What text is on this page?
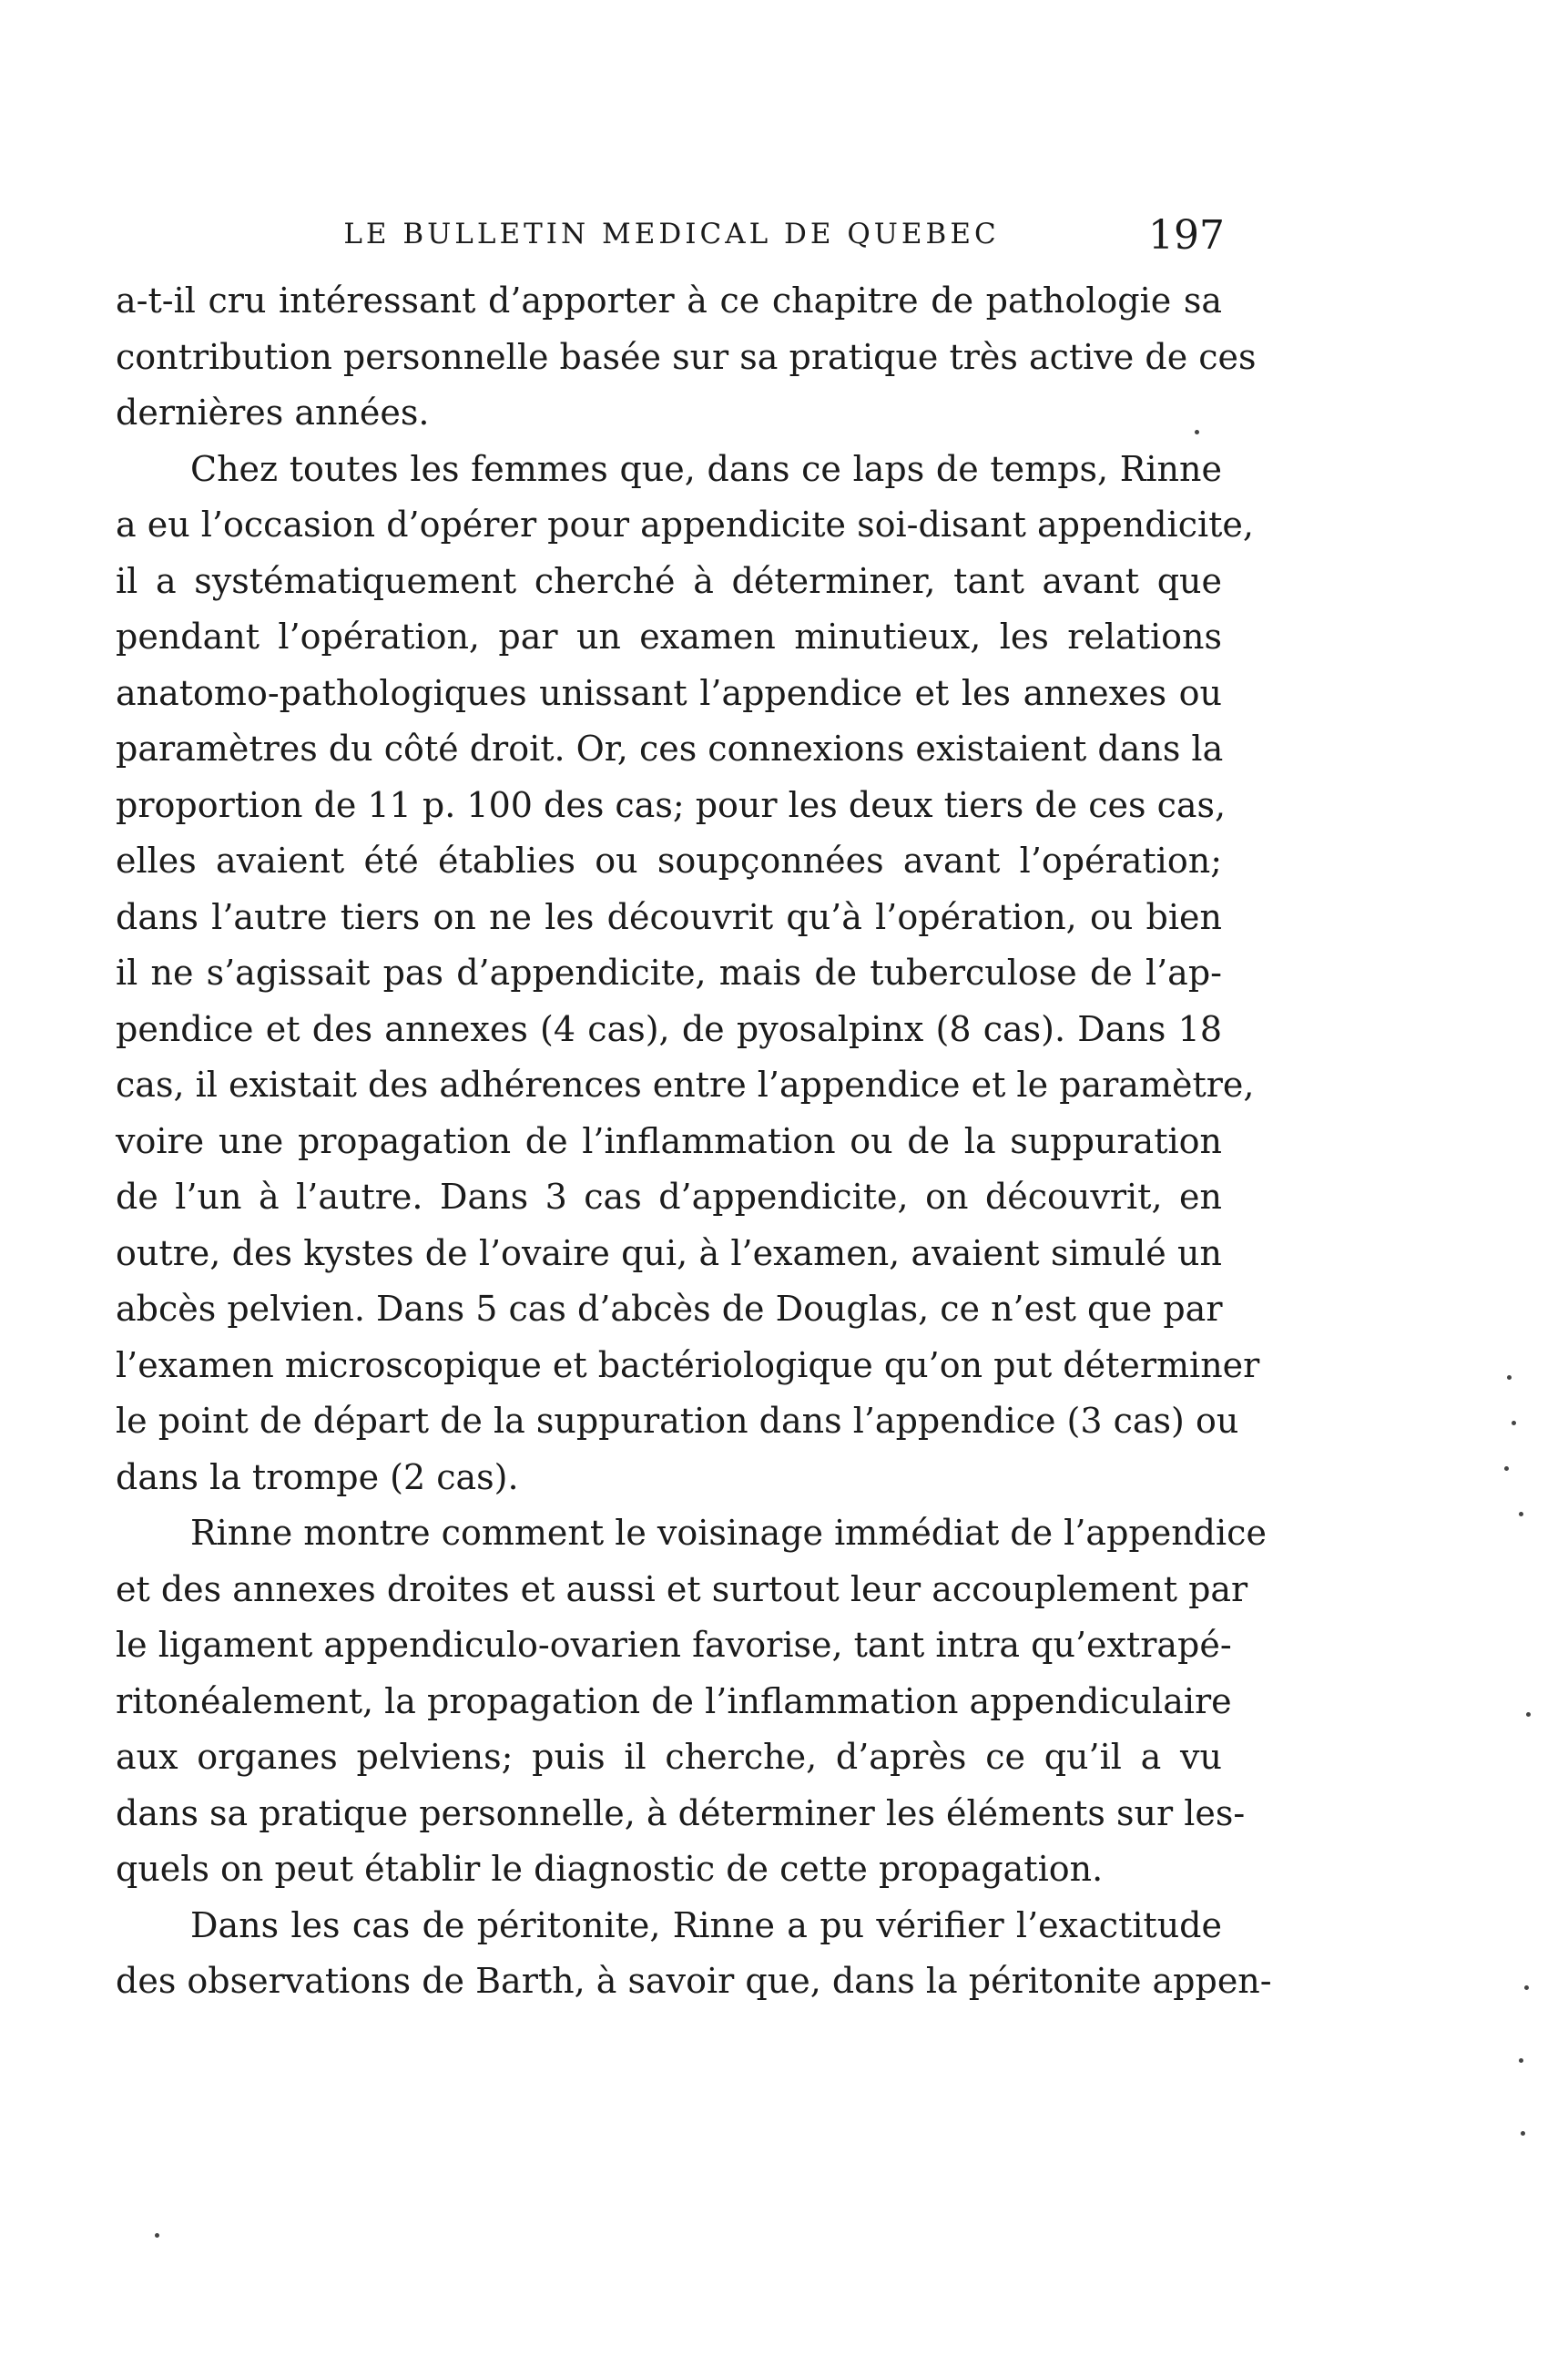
LE BULLETIN MEDICAL DE QUEBEC	197
a-t-il cru intéressant d’apporter à ce chapitre de pathologie sa
contribution personnelle basée sur sa pratique très active de ces
dernières années.
Chez toutes les femmes que, dans ce laps de temps, Rinne
a eu l’occasion d’opérer pour appendicite soi-disant appendicite,
il a systématiquement cherché à déterminer, tant avant que
pendant l’opération, par un examen minutieux, les relations
anatomo-pathologiques unissant l’appendice et les annexes ou
paramètres du côté droit. Or, ces connexions existaient dans la
proportion de 11 p. 100 des cas; pour les deux tiers de ces cas,
elles avaient été établies ou soupçonnées avant l’opération;
dans l’autre tiers on ne les découvrit qu’à l’opération, ou bien
il ne s’agissait pas d’appendicite, mais de tuberculose de l’ap-
pendice et des annexes (4 cas), de pyosalpinx (8 cas). Dans 18
cas, il existait des adhérences entre l’appendice et le paramètre,
voire une propagation de l’inflammation ou de la suppuration
de l’un à l’autre. Dans 3 cas d’appendicite, on découvrit, en
outre, des kystes de l’ovaire qui, à l’examen, avaient simulé un
abcès pelvien. Dans 5 cas d’abcès de Douglas, ce n’est que par
l’examen microscopique et bactériologique qu’on put déterminer
le point de départ de la suppuration dans l’appendice (3 cas) ou
dans la trompe (2 cas).
Rinne montre comment le voisinage immédiat de l’appendice
et des annexes droites et aussi et surtout leur accouplement par
le ligament appendiculo-ovarien favorise, tant intra qu’extrapé-
ritonéalement, la propagation de l’inflammation appendiculaire
aux organes pelviens; puis il cherche, d’après ce qu’il a vu
dans sa pratique personnelle, à déterminer les éléments sur les-
quels on peut établir le diagnostic de cette propagation.
Dans les cas de péritonite, Rinne a pu vérifier l’exactitude
des observations de Barth, à savoir que, dans la péritonite appen-
